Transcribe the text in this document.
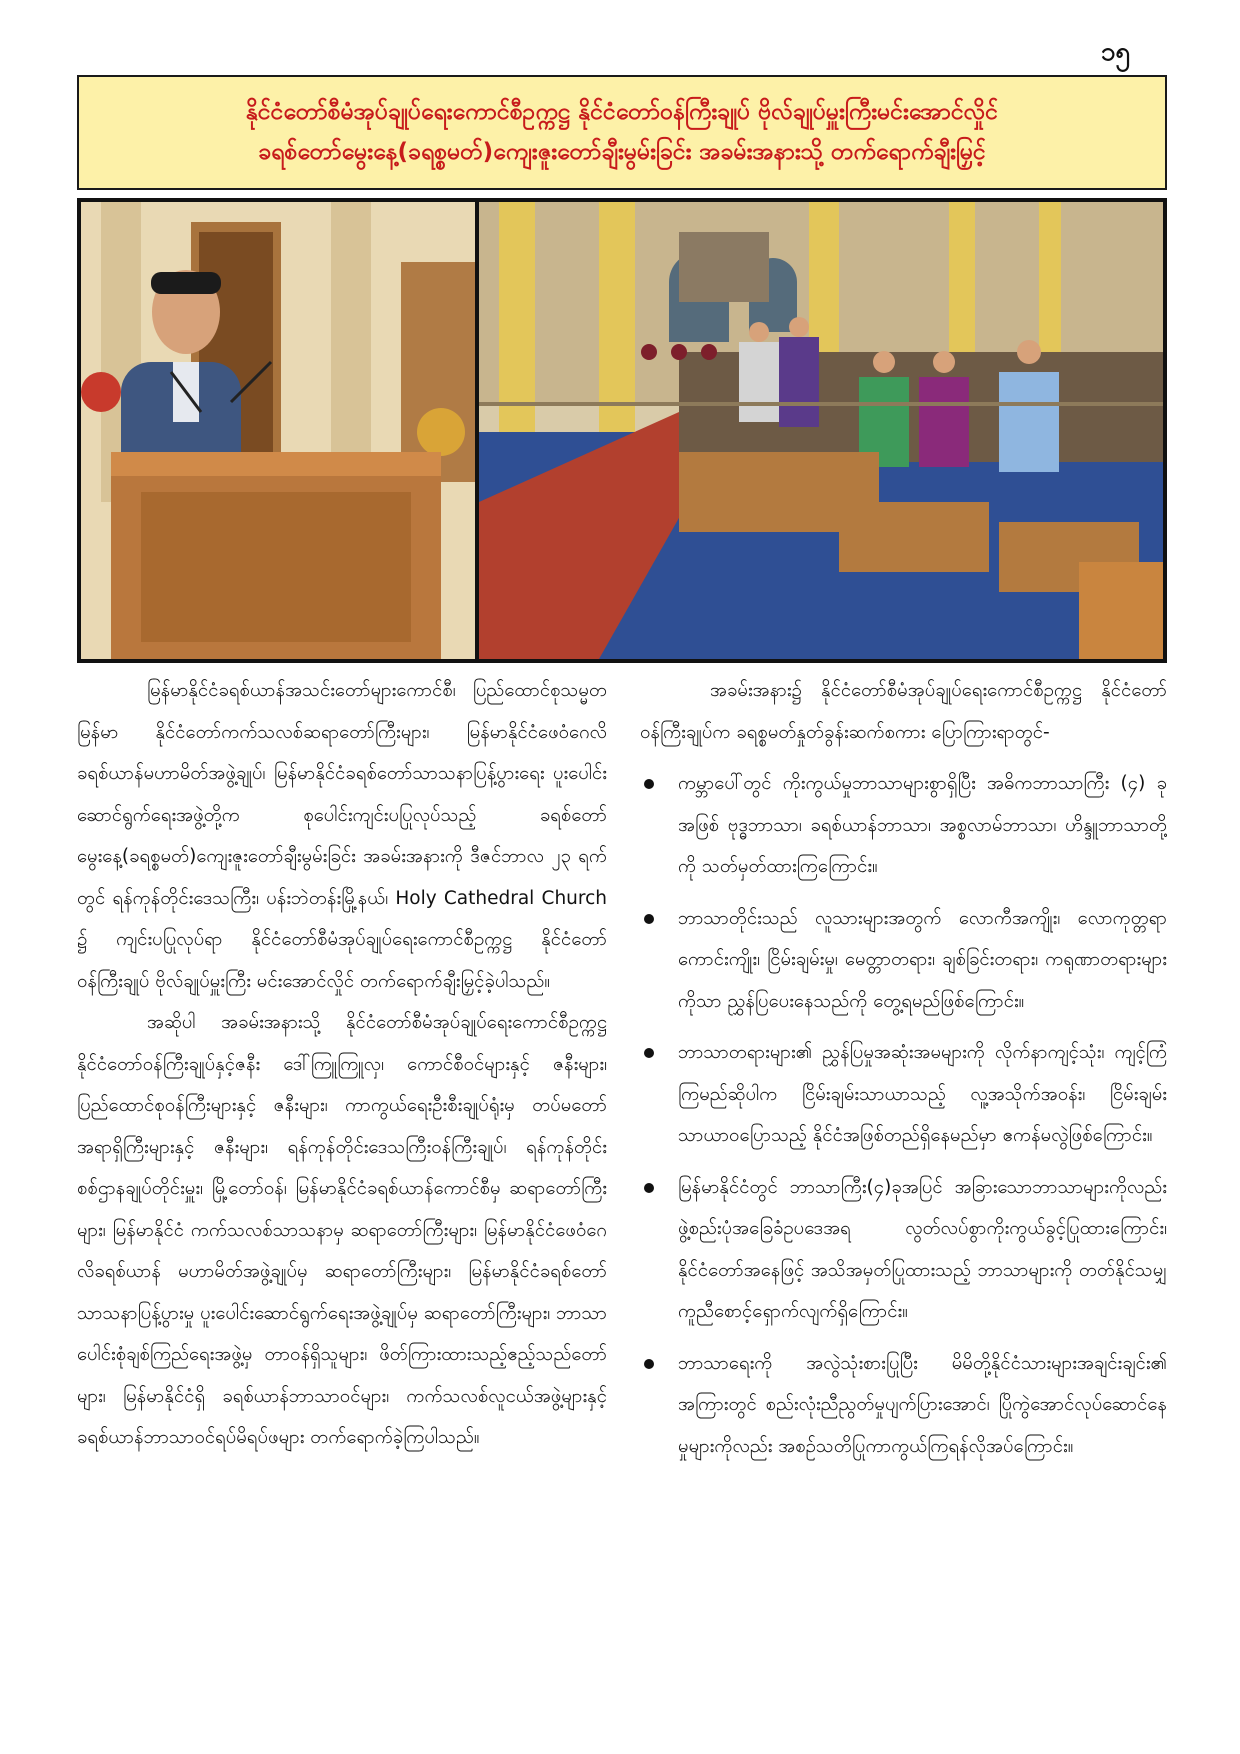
၁၅
နိုင်ငံတော်စီမံအုပ်ချုပ်ရေးကောင်စီဥက္ကဋ္ဌ နိုင်ငံတော်ဝန်ကြီးချုပ် ဗိုလ်ချုပ်မှူးကြီးမင်းအောင်လှိုင်
ခရစ်တော်မွေးနေ့(ခရစ္စမတ်)ကျေးဇူးတော်ချီးမွမ်းခြင်း အခမ်းအနားသို့ တက်ရောက်ချီးမြှင့်

မြန်မာနိုင်ငံခရစ်ယာန်အသင်းတော်များကောင်စီ၊ ပြည်ထောင်စုသမ္မတမြန်မာ နိုင်ငံတော်ကက်သလစ်ဆရာတော်ကြီးများ၊ မြန်မာနိုင်ငံဖေဝံဂေလိခရစ်ယာန်မဟာမိတ်အဖွဲ့ချုပ်၊ မြန်မာနိုင်ငံခရစ်တော်သာသနာပြန့်ပွားရေး ပူးပေါင်းဆောင်ရွက်ရေးအဖွဲ့တို့က စုပေါင်းကျင်းပပြုလုပ်သည့် ခရစ်တော်မွေးနေ့(ခရစ္စမတ်)ကျေးဇူးတော်ချီးမွမ်းခြင်း အခမ်းအနားကို ဒီဇင်ဘာလ ၂၃ ရက်တွင် ရန်ကုန်တိုင်းဒေသကြီး၊ ပန်းဘဲတန်းမြို့နယ်၊ Holy Cathedral Church ၌ ကျင်းပပြုလုပ်ရာ နိုင်ငံတော်စီမံအုပ်ချုပ်ရေးကောင်စီဥက္ကဋ္ဌ နိုင်ငံတော်ဝန်ကြီးချုပ် ဗိုလ်ချုပ်မှူးကြီး မင်းအောင်လှိုင် တက်ရောက်ချီးမြှင့်ခဲ့ပါသည်။

အဆိုပါ အခမ်းအနားသို့ နိုင်ငံတော်စီမံအုပ်ချုပ်ရေးကောင်စီဥက္ကဋ္ဌ နိုင်ငံတော်ဝန်ကြီးချုပ်နှင့်ဇနီး ဒေါ်ကြူကြူလှ၊ ကောင်စီဝင်များနှင့် ဇနီးများ၊ ပြည်ထောင်စုဝန်ကြီးများနှင့် ဇနီးများ၊ ကာကွယ်ရေးဦးစီးချုပ်ရုံးမှ တပ်မတော်အရာရှိကြီးများနှင့် ဇနီးများ၊ ရန်ကုန်တိုင်းဒေသကြီးဝန်ကြီးချုပ်၊ ရန်ကုန်တိုင်းစစ်ဌာနချုပ်တိုင်းမှူး၊ မြို့တော်ဝန်၊ မြန်မာနိုင်ငံခရစ်ယာန်ကောင်စီမှ ဆရာတော်ကြီးများ၊ မြန်မာနိုင်ငံ ကက်သလစ်သာသနာမှ ဆရာတော်ကြီးများ၊ မြန်မာနိုင်ငံဖေဝံဂေလိခရစ်ယာန် မဟာမိတ်အဖွဲ့ချုပ်မှ ဆရာတော်ကြီးများ၊ မြန်မာနိုင်ငံခရစ်တော်သာသနာပြန့်ပွားမှု ပူးပေါင်းဆောင်ရွက်ရေးအဖွဲ့ချုပ်မှ ဆရာတော်ကြီးများ၊ ဘာသာပေါင်းစုံချစ်ကြည်ရေးအဖွဲ့မှ တာဝန်ရှိသူများ၊ ဖိတ်ကြားထားသည့်ဧည့်သည်တော်များ၊ မြန်မာနိုင်ငံရှိ ခရစ်ယာန်ဘာသာဝင်များ၊ ကက်သလစ်လူငယ်အဖွဲ့များနှင့် ခရစ်ယာန်ဘာသာဝင်ရပ်မိရပ်ဖများ တက်ရောက်ခဲ့ကြပါသည်။

အခမ်းအနား၌ နိုင်ငံတော်စီမံအုပ်ချုပ်ရေးကောင်စီဥက္ကဋ္ဌ နိုင်ငံတော်ဝန်ကြီးချုပ်က ခရစ္စမတ်နှုတ်ခွန်းဆက်စကား ပြောကြားရာတွင်-

ကမ္ဘာပေါ်တွင် ကိုးကွယ်မှုဘာသာများစွာရှိပြီး အဓိကဘာသာကြီး (၄) ခုအဖြစ် ဗုဒ္ဓဘာသာ၊ ခရစ်ယာန်ဘာသာ၊ အစ္စလာမ်ဘာသာ၊ ဟိန္ဒူဘာသာတို့ကို သတ်မှတ်ထားကြကြောင်း။
ဘာသာတိုင်းသည် လူသားများအတွက် လောကီအကျိုး၊ လောကုတ္တရာကောင်းကျိုး၊ ငြိမ်းချမ်းမှု၊ မေတ္တာတရား၊ ချစ်ခြင်းတရား၊ ကရုဏာတရားများကိုသာ ညွှန်ပြပေးနေသည်ကို တွေ့ရမည်ဖြစ်ကြောင်း။
ဘာသာတရားများ၏ ညွှန်ပြမှုအဆုံးအမများကို လိုက်နာကျင့်သုံး၊ ကျင့်ကြံကြမည်ဆိုပါက ငြိမ်းချမ်းသာယာသည့် လူ့အသိုက်အဝန်း၊ ငြိမ်းချမ်းသာယာဝပြောသည့် နိုင်ငံအဖြစ်တည်ရှိနေမည်မှာ ဧကန်မလွဲဖြစ်ကြောင်း။
မြန်မာနိုင်ငံတွင် ဘာသာကြီး(၄)ခုအပြင် အခြားသောဘာသာများကိုလည်း ဖွဲ့စည်းပုံအခြေခံဥပဒေအရ လွတ်လပ်စွာကိုးကွယ်ခွင့်ပြုထားကြောင်း၊ နိုင်ငံတော်အနေဖြင့် အသိအမှတ်ပြုထားသည့် ဘာသာများကို တတ်နိုင်သမျှကူညီစောင့်ရှောက်လျက်ရှိကြောင်း။
ဘာသာရေးကို အလွဲသုံးစားပြုပြီး မိမိတို့နိုင်ငံသားများအချင်းချင်း၏ အကြားတွင် စည်းလုံးညီညွတ်မှုပျက်ပြားအောင်၊ ပြိုကွဲအောင်လုပ်ဆောင်နေမှုများကိုလည်း အစဉ်သတိပြုကာကွယ်ကြရန်လိုအပ်ကြောင်း။
